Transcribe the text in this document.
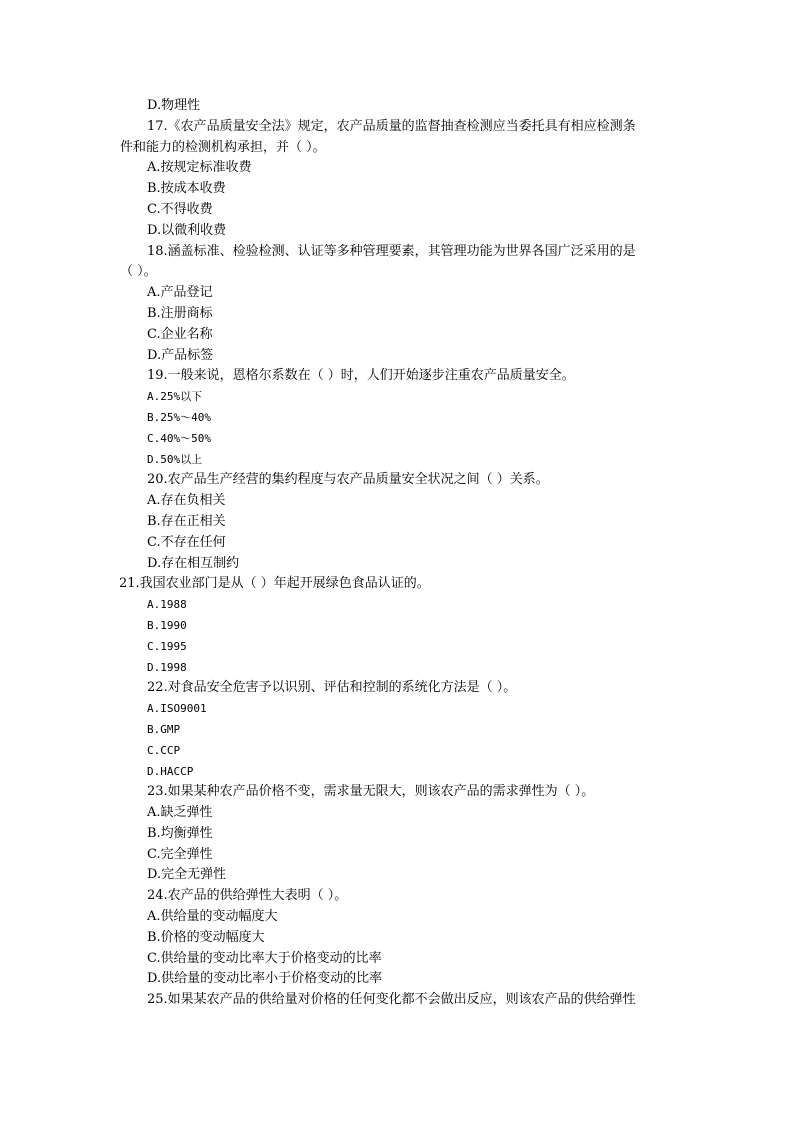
D.物理性
17.《农产品质量安全法》规定，农产品质量的监督抽查检测应当委托具有相应检测条
件和能力的检测机构承担，并（ ）。
A.按规定标准收费
B.按成本收费
C.不得收费
D.以微利收费
18.涵盖标准、检验检测、认证等多种管理要素，其管理功能为世界各国广泛采用的是
（ ）。
A.产品登记
B.注册商标
C.企业名称
D.产品标签
19.一般来说，恩格尔系数在（ ）时，人们开始逐步注重农产品质量安全。
A.25%以下
B.25%～40%
C.40%～50%
D.50%以上
20.农产品生产经营的集约程度与农产品质量安全状况之间（ ）关系。
A.存在负相关
B.存在正相关
C.不存在任何
D.存在相互制约
21.我国农业部门是从（ ）年起开展绿色食品认证的。
A.1988
B.1990
C.1995
D.1998
22.对食品安全危害予以识别、评估和控制的系统化方法是（ ）。
A.ISO9001
B.GMP
C.CCP
D.HACCP
23.如果某种农产品价格不变，需求量无限大，则该农产品的需求弹性为（ ）。
A.缺乏弹性
B.均衡弹性
C.完全弹性
D.完全无弹性
24.农产品的供给弹性大表明（ ）。
A.供给量的变动幅度大
B.价格的变动幅度大
C.供给量的变动比率大于价格变动的比率
D.供给量的变动比率小于价格变动的比率
25.如果某农产品的供给量对价格的任何变化都不会做出反应，则该农产品的供给弹性
